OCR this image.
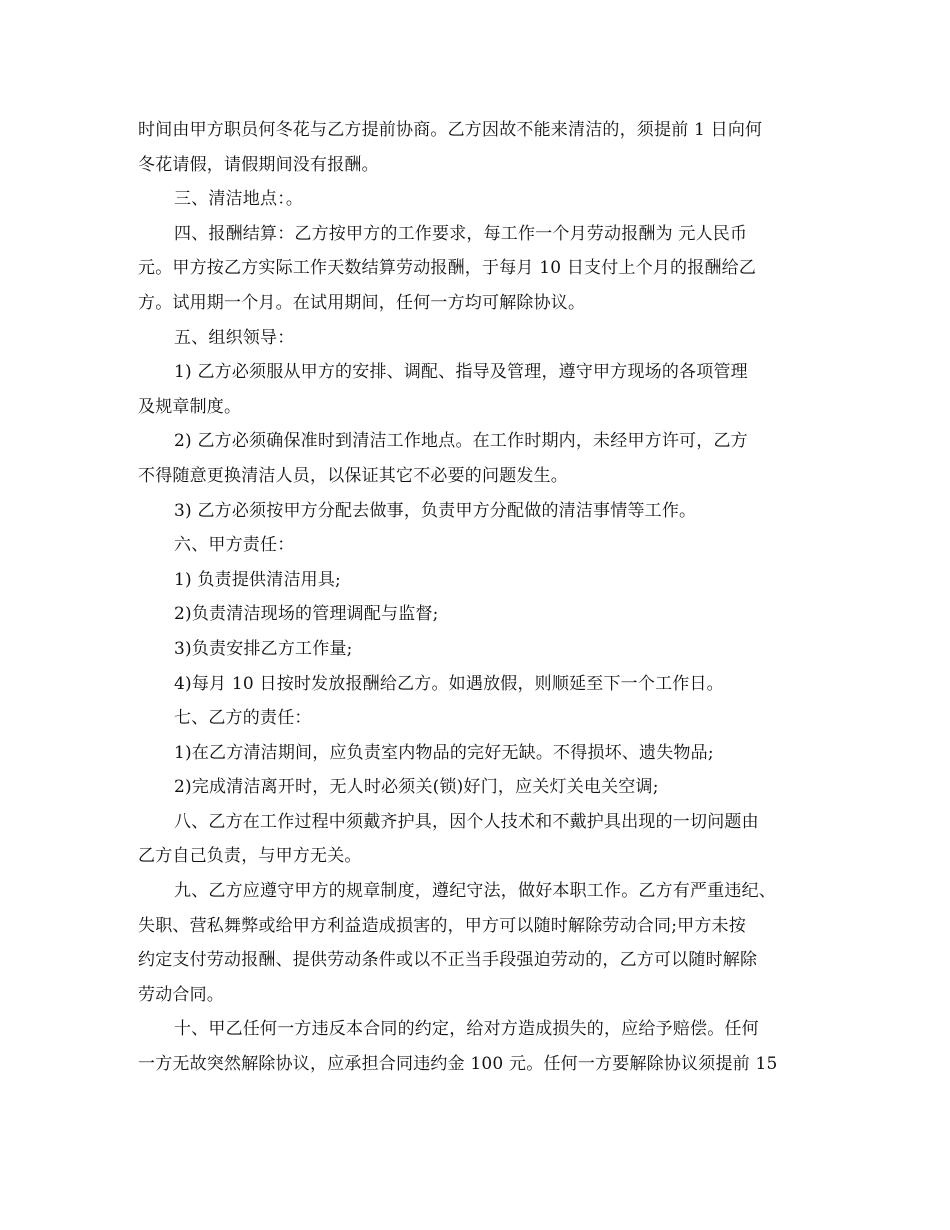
时间由甲方职员何冬花与乙方提前协商。乙方因故不能来清洁的，须提前 1 日向何
冬花请假，请假期间没有报酬。
三、清洁地点：。
四、报酬结算：乙方按甲方的工作要求，每工作一个月劳动报酬为 元人民币
元。甲方按乙方实际工作天数结算劳动报酬，于每月 10 日支付上个月的报酬给乙
方。试用期一个月。在试用期间，任何一方均可解除协议。
五、组织领导：
1) 乙方必须服从甲方的安排、调配、指导及管理，遵守甲方现场的各项管理
及规章制度。
2) 乙方必须确保准时到清洁工作地点。在工作时期内，未经甲方许可，乙方
不得随意更换清洁人员，以保证其它不必要的问题发生。
3) 乙方必须按甲方分配去做事，负责甲方分配做的清洁事情等工作。
六、甲方责任：
1) 负责提供清洁用具;
2)负责清洁现场的管理调配与监督;
3)负责安排乙方工作量;
4)每月 10 日按时发放报酬给乙方。如遇放假，则顺延至下一个工作日。
七、乙方的责任：
1)在乙方清洁期间，应负责室内物品的完好无缺。不得损坏、遗失物品;
2)完成清洁离开时，无人时必须关(锁)好门，应关灯关电关空调;
八、乙方在工作过程中须戴齐护具，因个人技术和不戴护具出现的一切问题由
乙方自己负责，与甲方无关。
九、乙方应遵守甲方的规章制度，遵纪守法，做好本职工作。乙方有严重违纪、
失职、营私舞弊或给甲方利益造成损害的，甲方可以随时解除劳动合同;甲方未按
约定支付劳动报酬、提供劳动条件或以不正当手段强迫劳动的，乙方可以随时解除
劳动合同。
十、甲乙任何一方违反本合同的约定，给对方造成损失的，应给予赔偿。任何
一方无故突然解除协议，应承担合同违约金 100 元。任何一方要解除协议须提前 15
